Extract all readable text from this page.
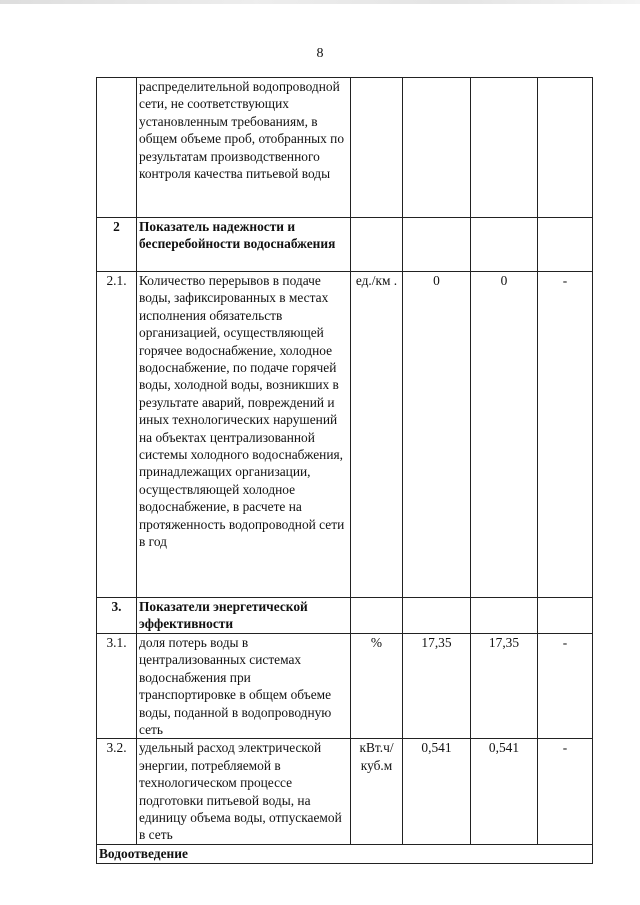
8
	распределительной водопроводной сети, не соответствующих установленным требованиям, в общем объеме проб, отобранных по результатам производственного контроля качества питьевой воды				
2	Показатель надежности и бесперебойности водоснабжения				
2.1.	Количество перерывов в подаче воды, зафиксированных в местах исполнения обязательств организацией, осуществляющей горячее водоснабжение, холодное водоснабжение, по подаче горячей воды, холодной воды, возникших в результате аварий, повреждений и иных технологических нарушений на объектах централизованной системы холодного водоснабжения, принадлежащих организации, осуществляющей холодное водоснабжение, в расчете на протяженность водопроводной сети в год	ед./км .	0	0	-
3.	Показатели энергетической эффективности				
3.1.	доля потерь воды в централизованных системах водоснабжения при транспортировке в общем объеме воды, поданной в водопроводную сеть	%	17,35	17,35	-
3.2.	удельный расход электрической энергии, потребляемой в технологическом процессе подготовки питьевой воды, на единицу объема воды, отпускаемой в сеть	кВт.ч/ куб.м	0,541	0,541	-
Водоотведение					
